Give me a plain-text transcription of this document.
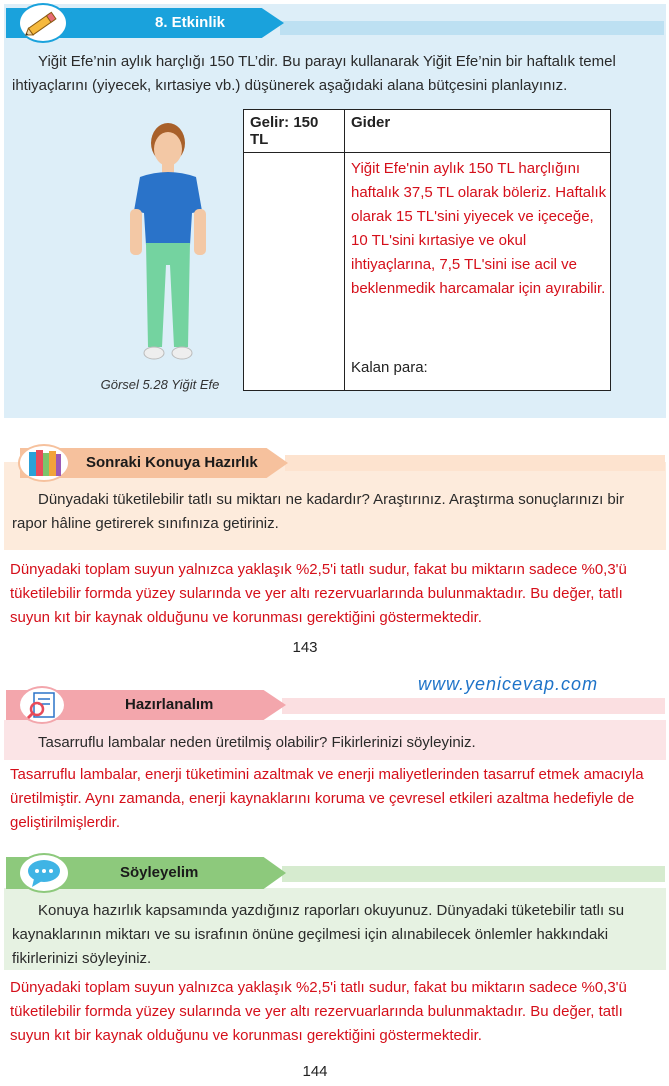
8. Etkinlik
Yiğit Efe’nin aylık harçlığı 150 TL’dir. Bu parayı kullanarak Yiğit Efe’nin bir haftalık temel ihtiyaçlarını (yiyecek, kırtasiye vb.) düşünerek aşağıdaki alana bütçesini planlayınız.
Görsel 5.28 Yiğit Efe
Gelir: 150 TL	Gider

	Yiğit Efe'nin aylık 150 TL harçlığını haftalık 37,5 TL olarak böleriz. Haftalık olarak 15 TL'sini yiyecek ve içeceğe, 10 TL'sini kırtasiye ve okul ihtiyaçlarına, 7,5 TL'sini ise acil ve beklenmedik harcamalar için ayırabilir.
Kalan para:
Sonraki Konuya Hazırlık
Dünyadaki tüketilebilir tatlı su miktarı ne kadardır? Araştırınız. Araştırma sonuçlarınızı bir rapor hâline getirerek sınıfınıza getiriniz.
Dünyadaki toplam suyun yalnızca yaklaşık %2,5'i tatlı sudur, fakat bu miktarın sadece %0,3'ü tüketilebilir formda yüzey sularında ve yer altı rezervuarlarında bulunmaktadır. Bu değer, tatlı suyun kıt bir kaynak olduğunu ve korunması gerektiğini göstermektedir.
143
www.yenicevap.com
Hazırlanalım
Tasarruflu lambalar neden üretilmiş olabilir? Fikirlerinizi söyleyiniz.
Tasarruflu lambalar, enerji tüketimini azaltmak ve enerji maliyetlerinden tasarruf etmek amacıyla üretilmiştir. Aynı zamanda, enerji kaynaklarını koruma ve çevresel etkileri azaltma hedefiyle de geliştirilmişlerdir.
Söyleyelim
Konuya hazırlık kapsamında yazdığınız raporları okuyunuz. Dünyadaki tüketebilir tatlı su kaynaklarının miktarı ve su israfının önüne geçilmesi için alınabilecek önlemler hakkındaki fikirlerinizi söyleyiniz.
Dünyadaki toplam suyun yalnızca yaklaşık %2,5'i tatlı sudur, fakat bu miktarın sadece %0,3'ü tüketilebilir formda yüzey sularında ve yer altı rezervuarlarında bulunmaktadır. Bu değer, tatlı suyun kıt bir kaynak olduğunu ve korunması gerektiğini göstermektedir.
144
